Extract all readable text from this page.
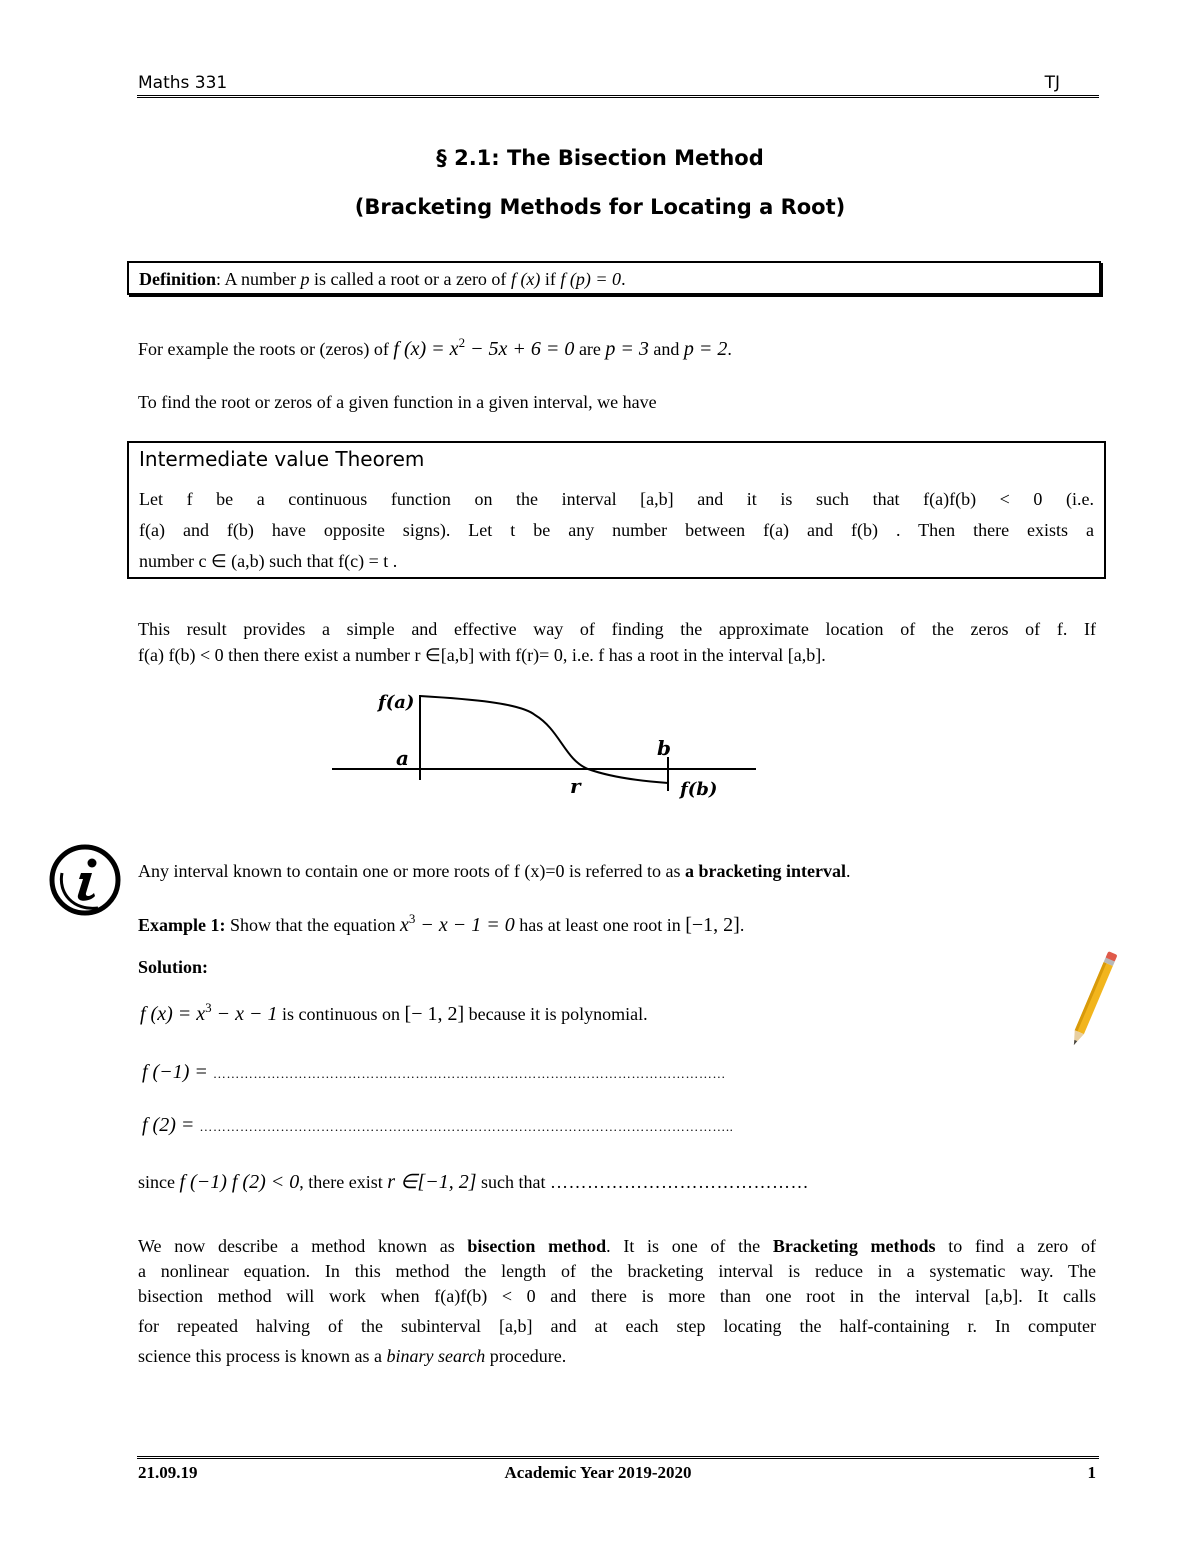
Maths 331	TJ
§ 2.1: The Bisection Method
(Bracketing Methods for Locating a Root)
Definition: A number p is called a root or a zero of f (x) if f (p) = 0.
For example the roots or (zeros) of f $(x) = x^2 - 5x + 6 = 0$ are p = 3 and p = 2.
To find the root or zeros of a given function in a given interval, we have
Intermediate value Theorem
Let f be a continuous function on the interval [a,b] and it is such that f(a)f(b) < 0 (i.e.
f(a) and f(b) have opposite signs). Let t be any number between f(a) and f(b) . Then there exists a
number c ∈ (a,b) such that f(c) = t .
This result provides a simple and effective way of finding the approximate location of the zeros of f. If
f(a) f(b) < 0 then there exist a number r ∈[a,b] with f(r)= 0, i.e. f has a root in the interval [a,b].
f(a)
a	b
r	f(b)
Any interval known to contain one or more roots of f (x)=0 is referred to as a bracketing interval.
Example 1: Show that the equation $x^3 - x - 1 = 0$ has at least one root in [−1, 2].
Solution:
f $(x) = x^3 - x - 1$ is continuous on [− 1, 2] because it is polynomial.
f (−1) = ……………………………………………………………………………………………………
f (2) = ………………………………………………………………………………………………………..
since f (−1) f (2) < 0, there exist r ∈[−1, 2] such that ……………………………………
We now describe a method known as bisection method. It is one of the Bracketing methods to find a zero of
a nonlinear equation. In this method the length of the bracketing interval is reduce in a systematic way. The
bisection method will work when f(a)f(b) < 0 and there is more than one root in the interval [a,b]. It calls
for repeated halving of the subinterval [a,b] and at each step locating the half-containing r. In computer
science this process is known as a binary search procedure.
21.09.19	Academic Year 2019-2020	1
